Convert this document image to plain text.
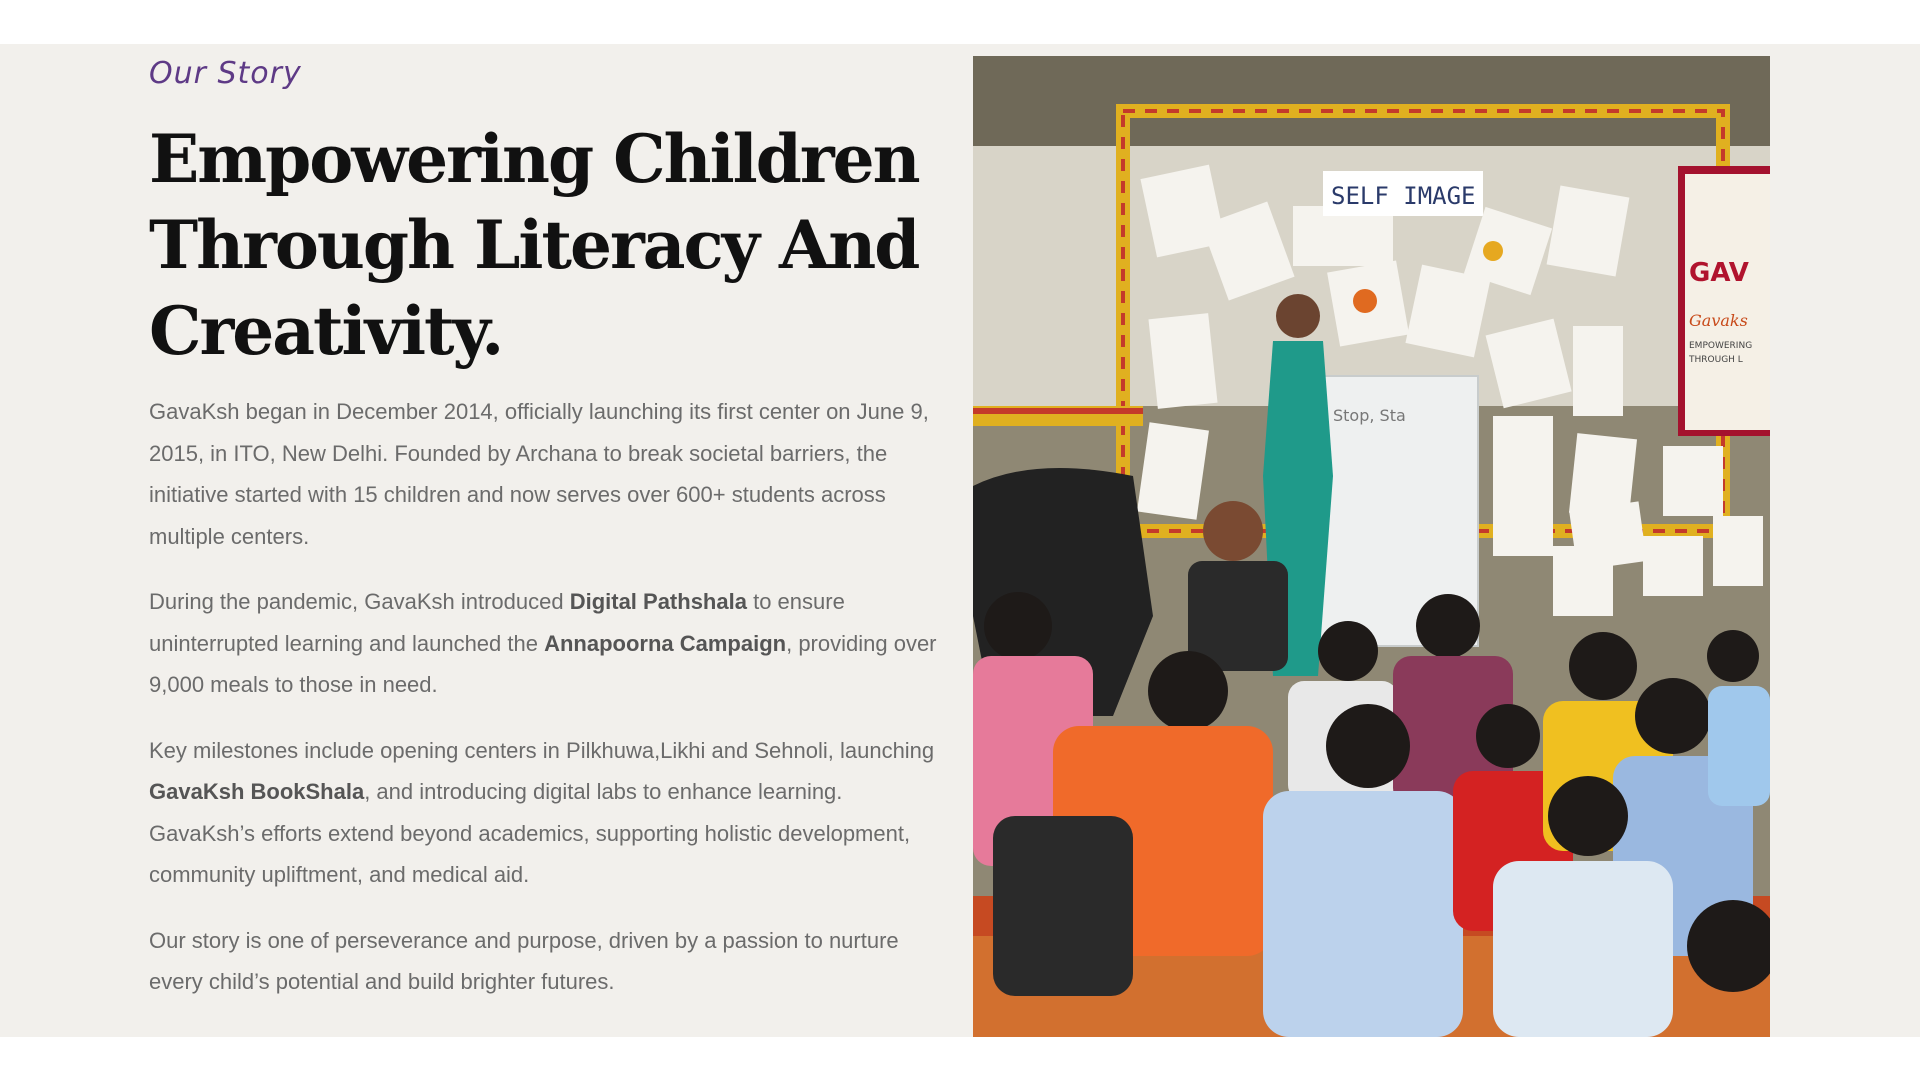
Our Story
Empowering Children
Through Literacy And
Creativity.

GavaKsh began in December 2014, officially launching its first center on June 9, 2015, in ITO, New Delhi. Founded by Archana to break societal barriers, the initiative started with 15 children and now serves over 600+ students across multiple centers.

During the pandemic, GavaKsh introduced Digital Pathshala to ensure uninterrupted learning and launched the Annapoorna Campaign, providing over 9,000 meals to those in need.

Key milestones include opening centers in Pilkhuwa,Likhi and Sehnoli, launching GavaKsh BookShala, and introducing digital labs to enhance learning. GavaKsh’s efforts extend beyond academics, supporting holistic development, community upliftment, and medical aid.

Our story is one of perseverance and purpose, driven by a passion to nurture every child’s potential and build brighter futures.

SELF IMAGE
GAV
Gavaks
EMPOWERING
THROUGH L
Stop, Sta
